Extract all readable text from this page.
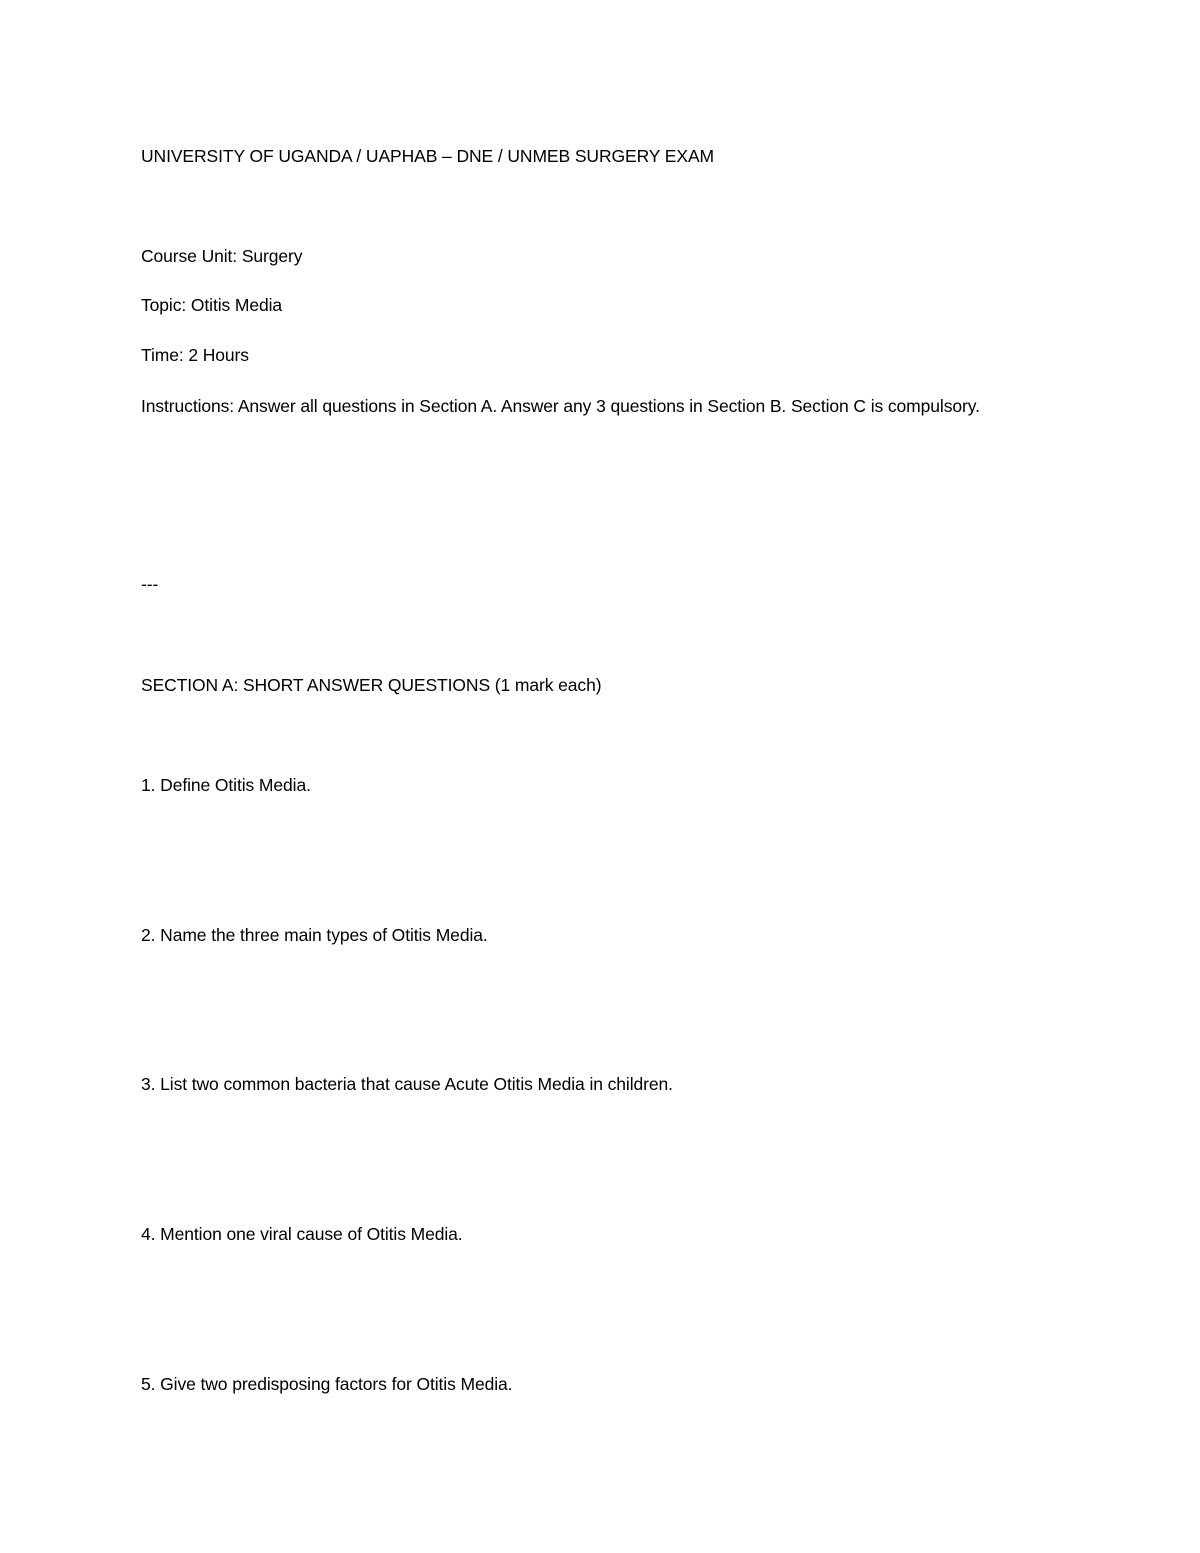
UNIVERSITY OF UGANDA / UAPHAB – DNE / UNMEB SURGERY EXAM
Course Unit: Surgery
Topic: Otitis Media
Time: 2 Hours
Instructions: Answer all questions in Section A. Answer any 3 questions in Section B. Section C is compulsory.
---
SECTION A: SHORT ANSWER QUESTIONS (1 mark each)
1. Define Otitis Media.
2. Name the three main types of Otitis Media.
3. List two common bacteria that cause Acute Otitis Media in children.
4. Mention one viral cause of Otitis Media.
5. Give two predisposing factors for Otitis Media.
